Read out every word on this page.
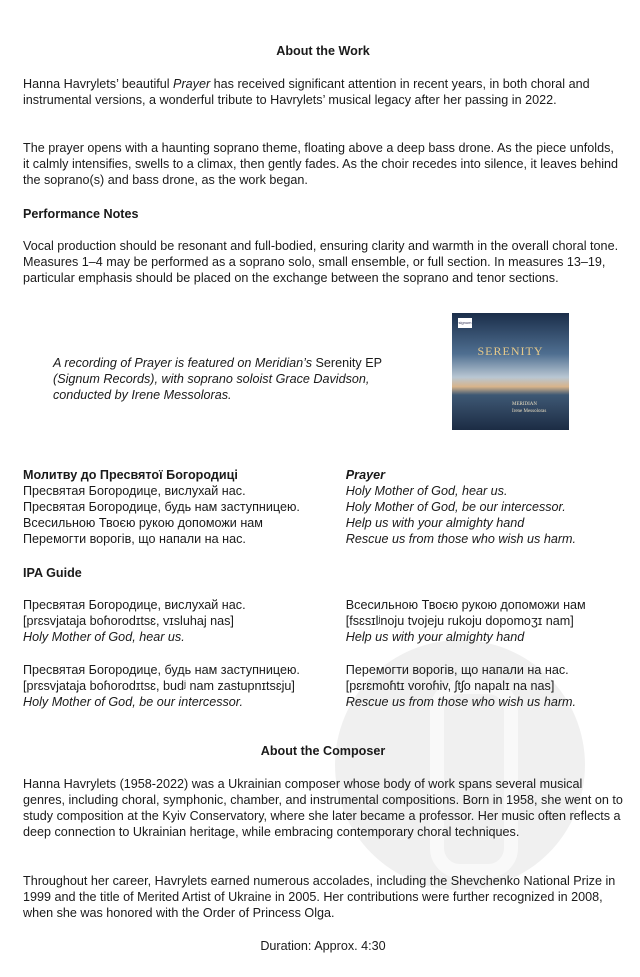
About the Work
Hanna Havrylets’ beautiful Prayer has received significant attention in recent years, in both choral and instrumental versions, a wonderful tribute to Havrylets’ musical legacy after her passing in 2022.
The prayer opens with a haunting soprano theme, floating above a deep bass drone. As the piece unfolds, it calmly intensifies, swells to a climax, then gently fades. As the choir recedes into silence, it leaves behind the soprano(s) and bass drone, as the work began.
Performance Notes
Vocal production should be resonant and full-bodied, ensuring clarity and warmth in the overall choral tone. Measures 1–4 may be performed as a soprano solo, small ensemble, or full section. In measures 13–19, particular emphasis should be placed on the exchange between the soprano and tenor sections.
A recording of Prayer is featured on Meridian’s Serenity EP (Signum Records), with soprano soloist Grace Davidson, conducted by Irene Messoloras.
signum
SERENITY
MERIDIAN
Irene Messoloras
Молитву до Пресвятої Богородиці
Пресвятая Богородице, вислухай нас.
Пресвятая Богородице, будь нам заступницею.
Всесильною Твоєю рукою допоможи нам
Перемогти ворогів, що напали на нас.
Prayer
Holy Mother of God, hear us.
Holy Mother of God, be our intercessor.
Help us with your almighty hand
Rescue us from those who wish us harm.
IPA Guide
Пресвятая Богородице, вислухай нас.
[prɛsvjataja boɦorodɪtsɛ, vɪsluhaj nas]
Holy Mother of God, hear us.
Всесильною Твоєю рукою допоможи нам
[fsɛsɪlʲnoju tvojeju rukoju dopomoʒɪ nam]
Help us with your almighty hand
Пресвятая Богородице, будь нам заступницею.
[prɛsvjataja boɦorodɪtsɛ, budʲ nam zastupnɪtsɛju]
Holy Mother of God, be our intercessor.
Перемогти ворогів, що напали на нас.
[pɛrɛmoɦtɪ voroɦiv, ʃtʃo napalɪ na nas]
Rescue us from those who wish us harm.
About the Composer
Hanna Havrylets (1958-2022) was a Ukrainian composer whose body of work spans several musical genres, including choral, symphonic, chamber, and instrumental compositions. Born in 1958, she went on to study composition at the Kyiv Conservatory, where she later became a professor. Her music often reflects a deep connection to Ukrainian heritage, while embracing contemporary choral techniques.
Throughout her career, Havrylets earned numerous accolades, including the Shevchenko National Prize in 1999 and the title of Merited Artist of Ukraine in 2005. Her contributions were further recognized in 2008, when she was honored with the Order of Princess Olga.
Duration: Approx. 4:30
